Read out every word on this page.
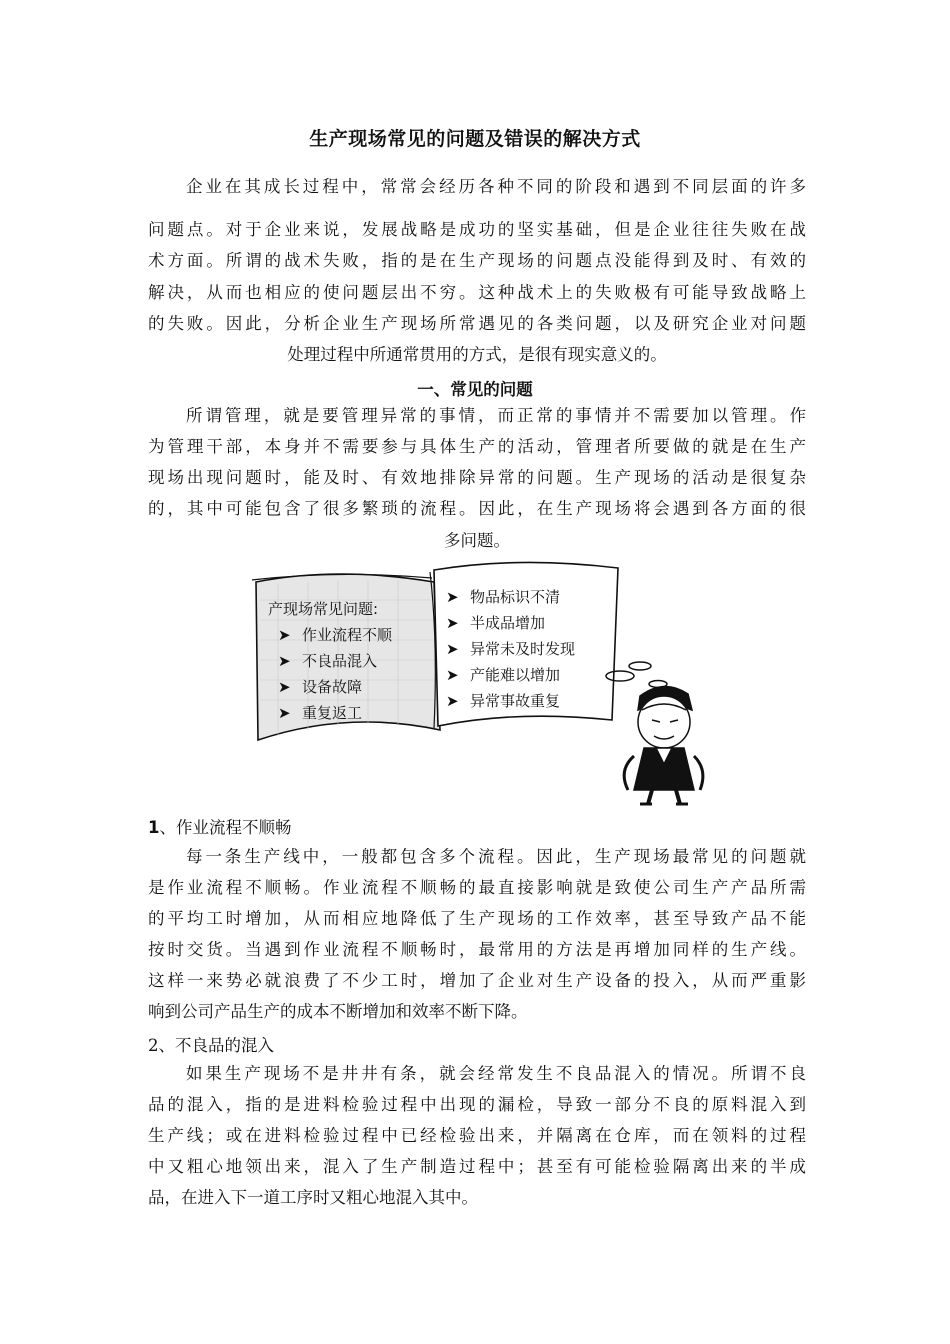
生产现场常见的问题及错误的解决方式
企业在其成长过程中，常常会经历各种不同的阶段和遇到不同层面的许多
问题点。对于企业来说，发展战略是成功的坚实基础，但是企业往往失败在战
术方面。所谓的战术失败，指的是在生产现场的问题点没能得到及时、有效的
解决，从而也相应的使问题层出不穷。这种战术上的失败极有可能导致战略上
的失败。因此，分析企业生产现场所常遇见的各类问题，以及研究企业对问题
处理过程中所通常贯用的方式，是很有现实意义的。
一、常见的问题
所谓管理，就是要管理异常的事情，而正常的事情并不需要加以管理。作
为管理干部，本身并不需要参与具体生产的活动，管理者所要做的就是在生产
现场出现问题时，能及时、有效地排除异常的问题。生产现场的活动是很复杂
的，其中可能包含了很多繁琐的流程。因此，在生产现场将会遇到各方面的很
多问题。
产现场常见问题:
➤ 作业流程不顺
➤ 不良品混入
➤ 设备故障
➤ 重复返工
➤ 物品标识不清
➤ 半成品增加
➤ 异常未及时发现
➤ 产能难以增加
➤ 异常事故重复
1、作业流程不顺畅
每一条生产线中，一般都包含多个流程。因此，生产现场最常见的问题就
是作业流程不顺畅。作业流程不顺畅的最直接影响就是致使公司生产产品所需
的平均工时增加，从而相应地降低了生产现场的工作效率，甚至导致产品不能
按时交货。当遇到作业流程不顺畅时，最常用的方法是再增加同样的生产线。
这样一来势必就浪费了不少工时，增加了企业对生产设备的投入，从而严重影
响到公司产品生产的成本不断增加和效率不断下降。
2、不良品的混入
如果生产现场不是井井有条，就会经常发生不良品混入的情况。所谓不良
品的混入，指的是进料检验过程中出现的漏检，导致一部分不良的原料混入到
生产线；或在进料检验过程中已经检验出来，并隔离在仓库，而在领料的过程
中又粗心地领出来，混入了生产制造过程中；甚至有可能检验隔离出来的半成
品，在进入下一道工序时又粗心地混入其中。
